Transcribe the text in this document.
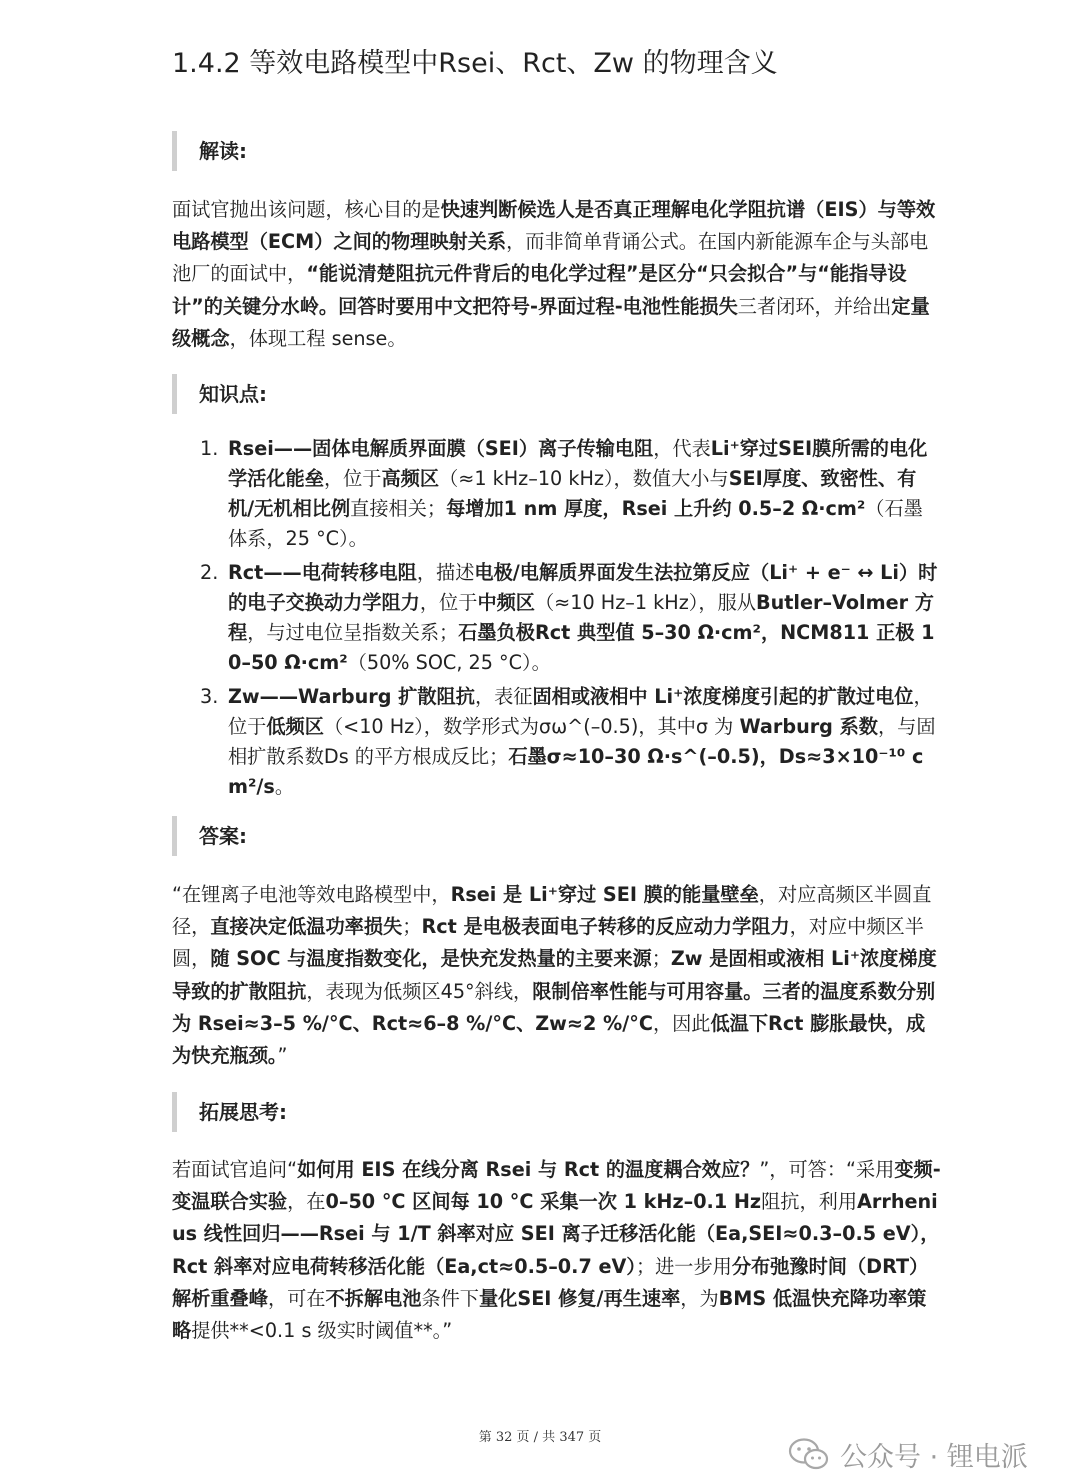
1.4.2 等效电路模型中Rsei、Rct、Zw 的物理含义
解读:
面试官抛出该问题，核心目的是快速判断候选人是否真正理解电化学阻抗谱（EIS）与等效电路模型（ECM）之间的物理映射关系，而非简单背诵公式。在国内新能源车企与头部电池厂的面试中，“能说清楚阻抗元件背后的电化学过程”是区分“只会拟合”与“能指导设计”的关键分水岭。回答时要用中文把符号-界面过程-电池性能损失三者闭环，并给出定量级概念，体现工程 sense。
知识点:
1. Rsei——固体电解质界面膜（SEI）离子传输电阻，代表Li⁺穿过SEI膜所需的电化学活化能垒，位于高频区（≈1 kHz–10 kHz），数值大小与SEI厚度、致密性、有机/无机相比例直接相关；每增加1 nm 厚度，Rsei 上升约 0.5–2 Ω·cm²（石墨体系，25 °C）。
2. Rct——电荷转移电阻，描述电极/电解质界面发生法拉第反应（Li⁺ + e⁻ ↔ Li）时的电子交换动力学阻力，位于中频区（≈10 Hz–1 kHz），服从Butler–Volmer 方程，与过电位呈指数关系；石墨负极Rct 典型值 5–30 Ω·cm²，NCM811 正极 10–50 Ω·cm²（50% SOC, 25 °C）。
3. Zw——Warburg 扩散阻抗，表征固相或液相中 Li⁺浓度梯度引起的扩散过电位，位于低频区（<10 Hz），数学形式为σω^(–0.5)，其中σ 为 Warburg 系数，与固相扩散系数Ds 的平方根成反比；石墨σ≈10–30 Ω·s^(–0.5)，Ds≈3×10⁻¹⁰ cm²/s。
答案:
“在锂离子电池等效电路模型中，Rsei 是 Li⁺穿过 SEI 膜的能量壁垒，对应高频区半圆直径，直接决定低温功率损失；Rct 是电极表面电子转移的反应动力学阻力，对应中频区半圆，随 SOC 与温度指数变化，是快充发热量的主要来源；Zw 是固相或液相 Li⁺浓度梯度导致的扩散阻抗，表现为低频区45°斜线，限制倍率性能与可用容量。三者的温度系数分别为 Rsei≈3–5 %/°C、Rct≈6–8 %/°C、Zw≈2 %/°C，因此低温下Rct 膨胀最快，成为快充瓶颈。”
拓展思考:
若面试官追问“如何用 EIS 在线分离 Rsei 与 Rct 的温度耦合效应？”，可答：“采用变频-变温联合实验，在0–50 °C 区间每 10 °C 采集一次 1 kHz–0.1 Hz阻抗，利用Arrhenius 线性回归——Rsei 与 1/T 斜率对应 SEI 离子迁移活化能（Ea,SEI≈0.3–0.5 eV），Rct 斜率对应电荷转移活化能（Ea,ct≈0.5–0.7 eV）；进一步用分布弛豫时间（DRT）解析重叠峰，可在不拆解电池条件下量化SEI 修复/再生速率，为BMS 低温快充降功率策略提供**<0.1 s 级实时阈值**。”
第 32 页 / 共 347 页
公众号 · 锂电派
